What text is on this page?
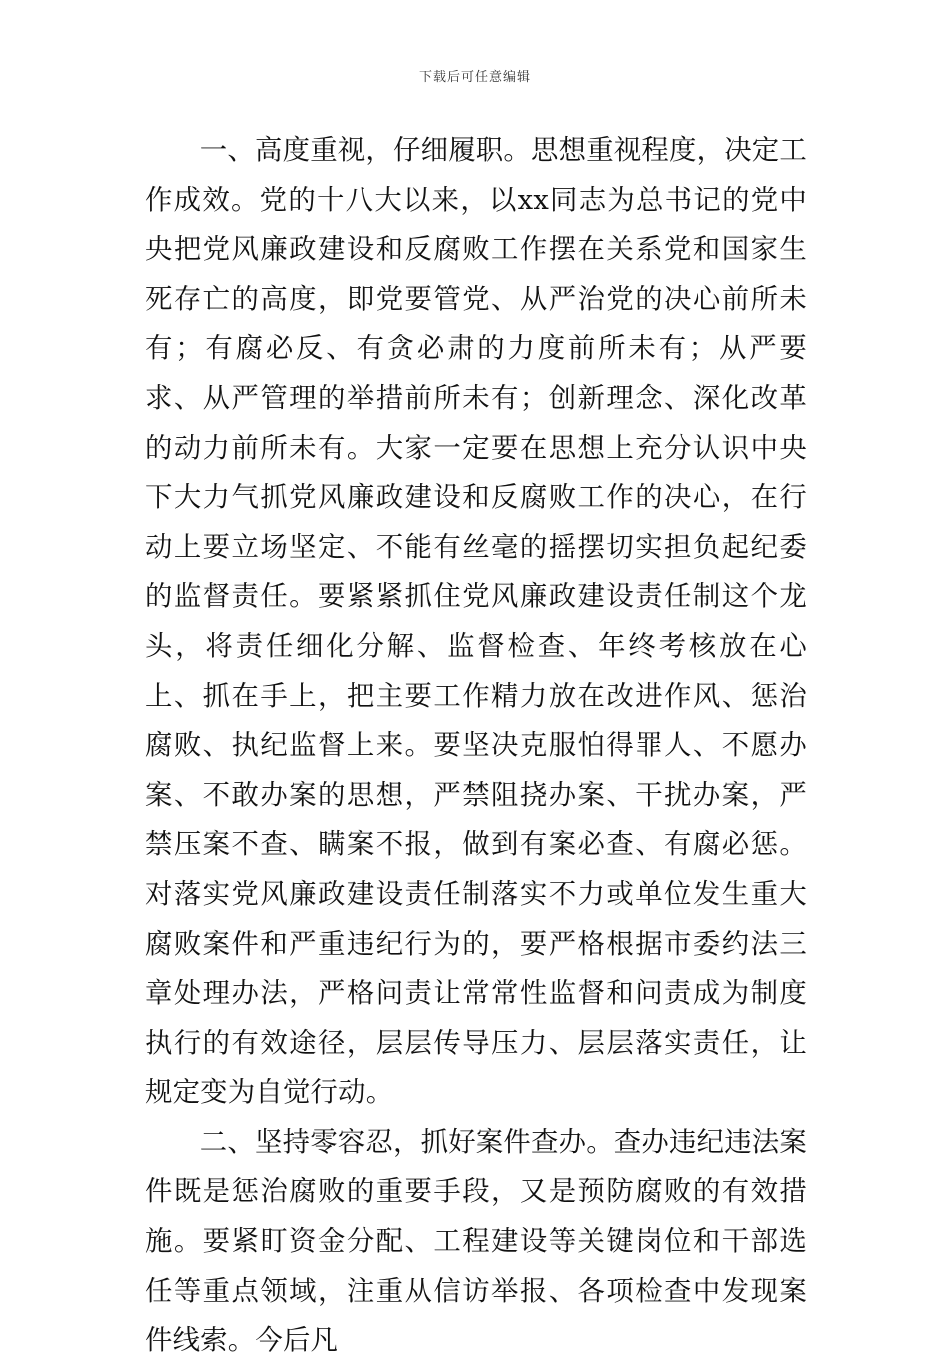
下载后可任意编辑

一、高度重视，仔细履职。思想重视程度，决定工作成效。党的十八大以来，以xx同志为总书记的党中央把党风廉政建设和反腐败工作摆在关系党和国家生死存亡的高度，即党要管党、从严治党的决心前所未有；有腐必反、有贪必肃的力度前所未有；从严要求、从严管理的举措前所未有；创新理念、深化改革的动力前所未有。大家一定要在思想上充分认识中央下大力气抓党风廉政建设和反腐败工作的决心，在行动上要立场坚定、不能有丝毫的摇摆切实担负起纪委的监督责任。要紧紧抓住党风廉政建设责任制这个龙头，将责任细化分解、监督检查、年终考核放在心上、抓在手上，把主要工作精力放在改进作风、惩治腐败、执纪监督上来。要坚决克服怕得罪人、不愿办案、不敢办案的思想，严禁阻挠办案、干扰办案，严禁压案不查、瞒案不报，做到有案必查、有腐必惩。对落实党风廉政建设责任制落实不力或单位发生重大腐败案件和严重违纪行为的，要严格根据市委约法三章处理办法，严格问责让常常性监督和问责成为制度执行的有效途径，层层传导压力、层层落实责任，让规定变为自觉行动。

二、坚持零容忍，抓好案件查办。查办违纪违法案件既是惩治腐败的重要手段，又是预防腐败的有效措施。要紧盯资金分配、工程建设等关键岗位和干部选任等重点领域，注重从信访举报、各项检查中发现案件线索。今后凡
